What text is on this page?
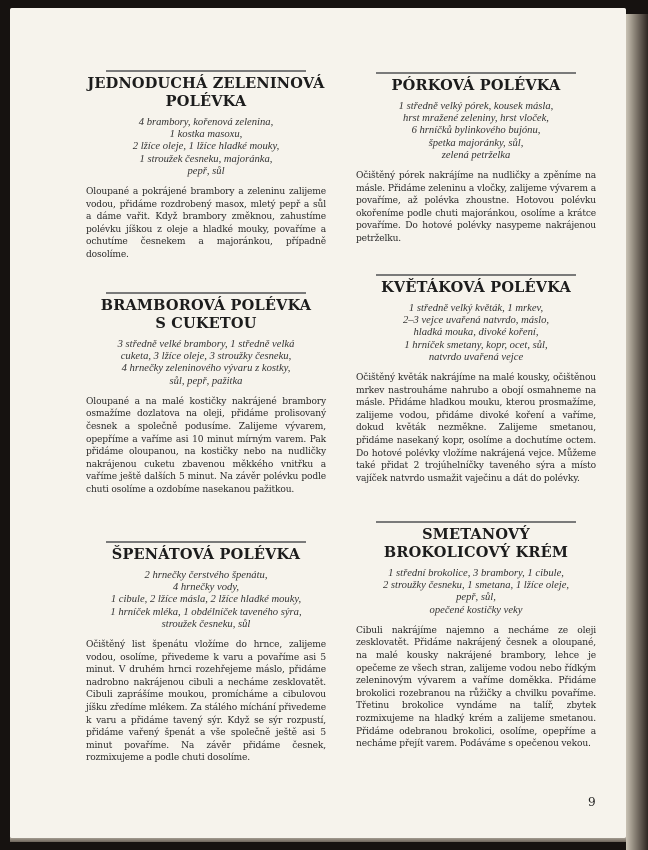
JEDNODUCHÁ ZELENINOVÁ
POLÉVKA
4 brambory, kořenová zelenina,
1 kostka masoxu,
2 lžíce oleje, 1 lžíce hladké mouky,
1 stroužek česneku, majoránka,
pepř, sůl
Oloupané a pokrájené brambory a zeleninu zalijeme vodou, přidáme rozdrobený masox, mletý pepř a sůl a dáme vařit. Když brambory změknou, zahustíme polévku jíškou z oleje a hladké mouky, povaříme a ochutíme česnekem a majoránkou, případně dosolíme.
BRAMBOROVÁ POLÉVKA
S CUKETOU
3 středně velké brambory, 1 středně velká
cuketa, 3 lžíce oleje, 3 stroužky česneku,
4 hrnečky zeleninového vývaru z kostky,
sůl, pepř, pažitka
Oloupané a na malé kostičky nakrájené brambory osmažíme dozlatova na oleji, přidáme prolisovaný česnek a společně podusíme. Zalijeme vývarem, opepříme a vaříme asi 10 minut mírným varem. Pak přidáme oloupanou, na kostičky nebo na nudličky nakrájenou cuketu zbavenou měkkého vnitřku a vaříme ještě dalších 5 minut. Na závěr polévku podle chuti osolíme a ozdobíme nasekanou pažitkou.
ŠPENÁTOVÁ POLÉVKA
2 hrnečky čerstvého špenátu,
4 hrnečky vody,
1 cibule, 2 lžíce másla, 2 lžíce hladké mouky,
1 hrníček mléka, 1 obdélníček taveného sýra,
stroužek česneku, sůl
Očištěný list špenátu vložíme do hrnce, zalijeme vodou, osolíme, přivedeme k varu a povaříme asi 5 minut. V druhém hrnci rozehřejeme máslo, přidáme nadrobno nakrájenou cibuli a necháme zesklovatět. Cibuli zaprášíme moukou, promícháme a cibulovou jíšku zředíme mlékem. Za stálého míchání přivedeme k varu a přidáme tavený sýr. Když se sýr rozpustí, přidáme vařený špenát a vše společně ještě asi 5 minut povaříme. Na závěr přidáme česnek, rozmixujeme a podle chuti dosolíme.
PÓRKOVÁ POLÉVKA
1 středně velký pórek, kousek másla,
hrst mražené zeleniny, hrst vloček,
6 hrníčků bylinkového bujónu,
špetka majoránky, sůl,
zelená petrželka
Očištěný pórek nakrájíme na nudličky a zpěníme na másle. Přidáme zeleninu a vločky, zalijeme vývarem a povaříme, až polévka zhoustne. Hotovou polévku okořeníme podle chuti majoránkou, osolíme a krátce povaříme. Do hotové polévky nasypeme nakrájenou petrželku.
KVĚTÁKOVÁ POLÉVKA
1 středně velký květák, 1 mrkev,
2–3 vejce uvařená natvrdo, máslo,
hladká mouka, divoké koření,
1 hrníček smetany, kopr, ocet, sůl,
natvrdo uvařená vejce
Očištěný květák nakrájíme na malé kousky, očištěnou mrkev nastrouháme nahrubo a obojí osmahneme na másle. Přidáme hladkou mouku, kterou prosmažíme, zalijeme vodou, přidáme divoké koření a vaříme, dokud květák nezměkne. Zalijeme smetanou, přidáme nasekaný kopr, osolíme a dochutíme octem. Do hotové polévky vložíme nakrájená vejce. Můžeme také přidat 2 trojúhelníčky taveného sýra a místo vajíček natvrdo usmažit vaječinu a dát do polévky.
SMETANOVÝ
BROKOLICOVÝ KRÉM
1 střední brokolice, 3 brambory, 1 cibule,
2 stroužky česneku, 1 smetana, 1 lžíce oleje,
pepř, sůl,
opečené kostičky veky
Cibuli nakrájíme najemno a necháme ze oleji zesklovatět. Přidáme nakrájený česnek a oloupané, na malé kousky nakrájené brambory, lehce je opečeme ze všech stran, zalijeme vodou nebo řídkým zeleninovým vývarem a vaříme doměkka. Přidáme brokolici rozebranou na růžičky a chvilku povaříme. Třetinu brokolice vyndáme na talíř, zbytek rozmixujeme na hladký krém a zalijeme smetanou. Přidáme odebranou brokolici, osolíme, opepříme a necháme přejít varem. Podáváme s opečenou vekou.
9
